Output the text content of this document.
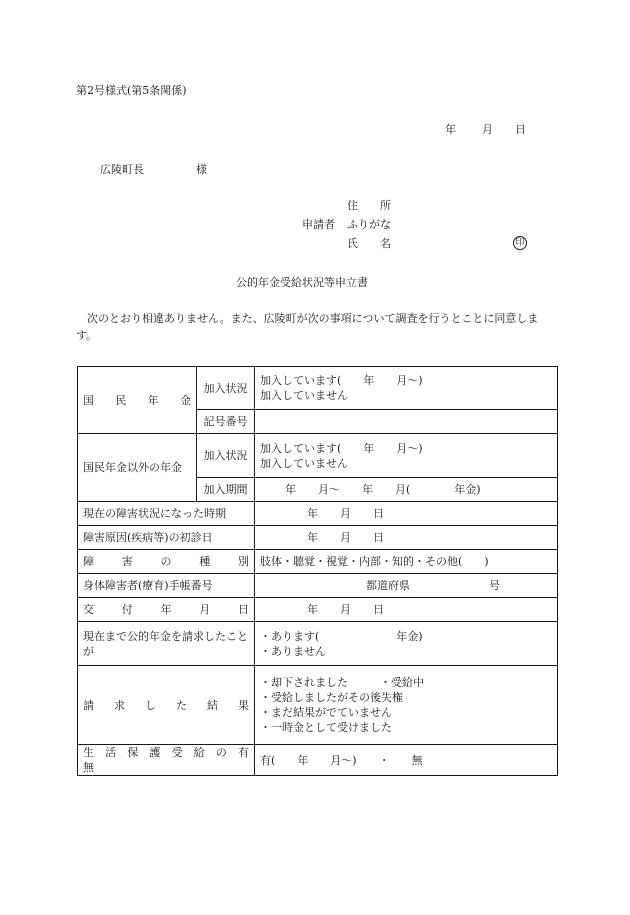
第2号様式(第5条関係)
年 月 日
広陵町長	様
住　　所
申請者 ふりがな
氏　　名	印
公的年金受給状況等申立書
次のとおり相違ありません。また、広陵町が次の事項について調査を行うとことに同意します。
国　民　年　金	加入状況	加入しています(　　年　　月～)
加入していません

	記号番号	
国民年金以外の年金	加入状況	加入しています(　　年　　月～)
加入していません

	加入期間	年　　月～　　年　　月(　　　　年金)
現在の障害状況になった時期		年　　月　　日
障害原因(疾病等)の初診日		年　　月　　日

障　害　の　種　別		肢体・聴覚・視覚・内部・知的・その他(　　)
身体障害者(療育)手帳番号		都道府県 号

交　付　年　月　日		年　　月　　日
現在まで公的年金を請求したことが		・あります(　　　　　　　年金)
・ありません

請　求　し　た　結　果		・却下されました ・受給中
・受給しましたがその後失権
・まだ結果がでていません
・一時金として受けました

生　活　保　護　受　給　の　有　無		有(　　年　　月～)　　・　　無
